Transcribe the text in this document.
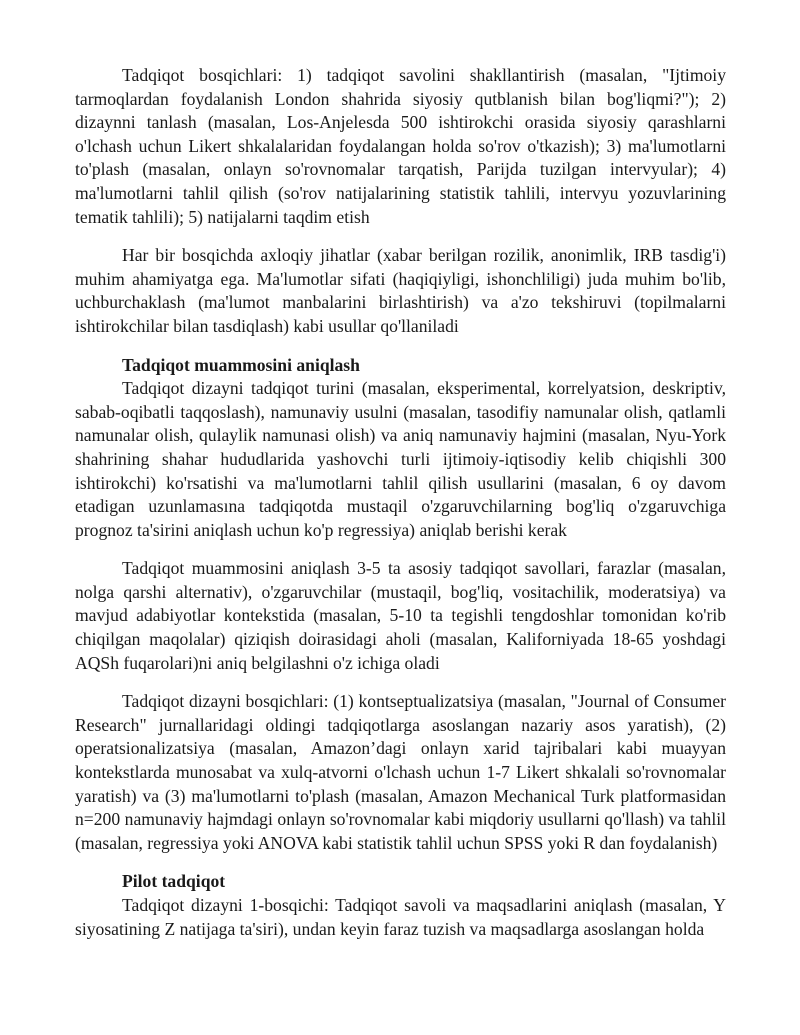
Tadqiqot bosqichlari: 1) tadqiqot savolini shakllantirish (masalan, "Ijtimoiy tarmoqlardan foydalanish London shahrida siyosiy qutblanish bilan bog'liqmi?"); 2) dizaynni tanlash (masalan, Los-Anjelesda 500 ishtirokchi orasida siyosiy qarashlarni o'lchash uchun Likert shkalalaridan foydalangan holda so'rov o'tkazish); 3) ma'lumotlarni to'plash (masalan, onlayn so'rovnomalar tarqatish, Parijda tuzilgan intervyular); 4) ma'lumotlarni tahlil qilish (so'rov natijalarining statistik tahlili, intervyu yozuvlarining tematik tahlili); 5) natijalarni taqdim etish

Har bir bosqichda axloqiy jihatlar (xabar berilgan rozilik, anonimlik, IRB tasdig'i) muhim ahamiyatga ega. Ma'lumotlar sifati (haqiqiyligi, ishonchliligi) juda muhim bo'lib, uchburchaklash (ma'lumot manbalarini birlashtirish) va a'zo tekshiruvi (topilmalarni ishtirokchilar bilan tasdiqlash) kabi usullar qo'llaniladi

Tadqiqot muammosini aniqlash

Tadqiqot dizayni tadqiqot turini (masalan, eksperimental, korrelyatsion, deskriptiv, sabab-oqibatli taqqoslash), namunaviy usulni (masalan, tasodifiy namunalar olish, qatlamli namunalar olish, qulaylik namunasi olish) va aniq namunaviy hajmini (masalan, Nyu-York shahrining shahar hududlarida yashovchi turli ijtimoiy-iqtisodiy kelib chiqishli 300 ishtirokchi) ko'rsatishi va ma'lumotlarni tahlil qilish usullarini (masalan, 6 oy davom etadigan uzunlamasına tadqiqotda mustaqil o'zgaruvchilarning bog'liq o'zgaruvchiga prognoz ta'sirini aniqlash uchun ko'p regressiya) aniqlab berishi kerak

Tadqiqot muammosini aniqlash 3-5 ta asosiy tadqiqot savollari, farazlar (masalan, nolga qarshi alternativ), o'zgaruvchilar (mustaqil, bog'liq, vositachilik, moderatsiya) va mavjud adabiyotlar kontekstida (masalan, 5-10 ta tegishli tengdoshlar tomonidan ko'rib chiqilgan maqolalar) qiziqish doirasidagi aholi (masalan, Kaliforniyada 18-65 yoshdagi AQSh fuqarolari)ni aniq belgilashni o'z ichiga oladi

Tadqiqot dizayni bosqichlari: (1) kontseptualizatsiya (masalan, "Journal of Consumer Research" jurnallaridagi oldingi tadqiqotlarga asoslangan nazariy asos yaratish), (2) operatsionalizatsiya (masalan, Amazon’dagi onlayn xarid tajribalari kabi muayyan kontekstlarda munosabat va xulq-atvorni o'lchash uchun 1-7 Likert shkalali so'rovnomalar yaratish) va (3) ma'lumotlarni to'plash (masalan, Amazon Mechanical Turk platformasidan n=200 namunaviy hajmdagi onlayn so'rovnomalar kabi miqdoriy usullarni qo'llash) va tahlil (masalan, regressiya yoki ANOVA kabi statistik tahlil uchun SPSS yoki R dan foydalanish)

Pilot tadqiqot

Tadqiqot dizayni 1-bosqichi: Tadqiqot savoli va maqsadlarini aniqlash (masalan, Y siyosatining Z natijaga ta'siri), undan keyin faraz tuzish va maqsadlarga asoslangan holda
